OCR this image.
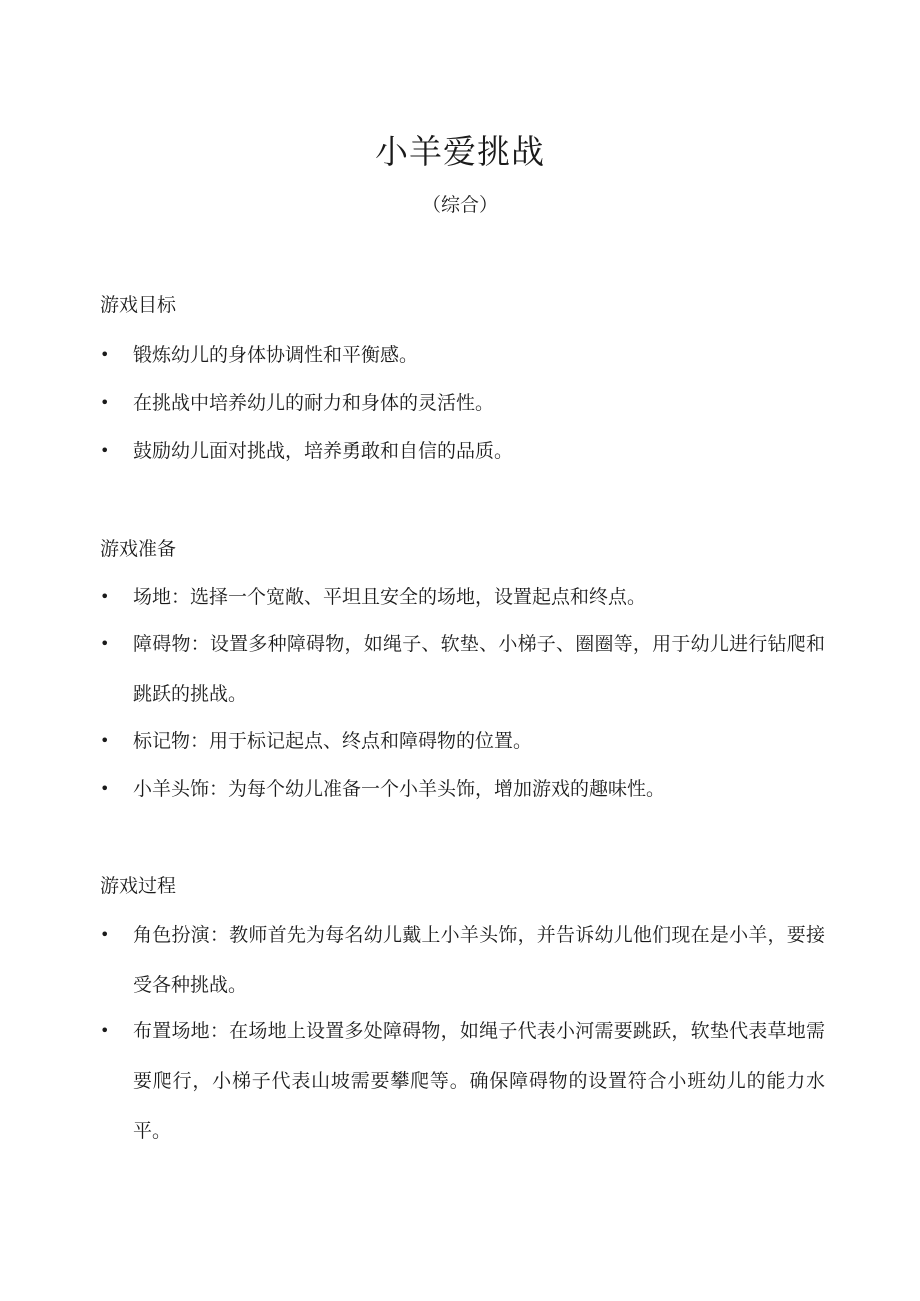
小羊爱挑战
（综合）
游戏目标
•	锻炼幼儿的身体协调性和平衡感。
•	在挑战中培养幼儿的耐力和身体的灵活性。
•	鼓励幼儿面对挑战，培养勇敢和自信的品质。
游戏准备
•	场地：选择一个宽敞、平坦且安全的场地，设置起点和终点。
•	障碍物：设置多种障碍物，如绳子、软垫、小梯子、圈圈等，用于幼儿进行钻爬和跳跃的挑战。
•	标记物：用于标记起点、终点和障碍物的位置。
•	小羊头饰：为每个幼儿准备一个小羊头饰，增加游戏的趣味性。
游戏过程
•	角色扮演：教师首先为每名幼儿戴上小羊头饰，并告诉幼儿他们现在是小羊，要接受各种挑战。
•	布置场地：在场地上设置多处障碍物，如绳子代表小河需要跳跃，软垫代表草地需要爬行，小梯子代表山坡需要攀爬等。确保障碍物的设置符合小班幼儿的能力水平。
